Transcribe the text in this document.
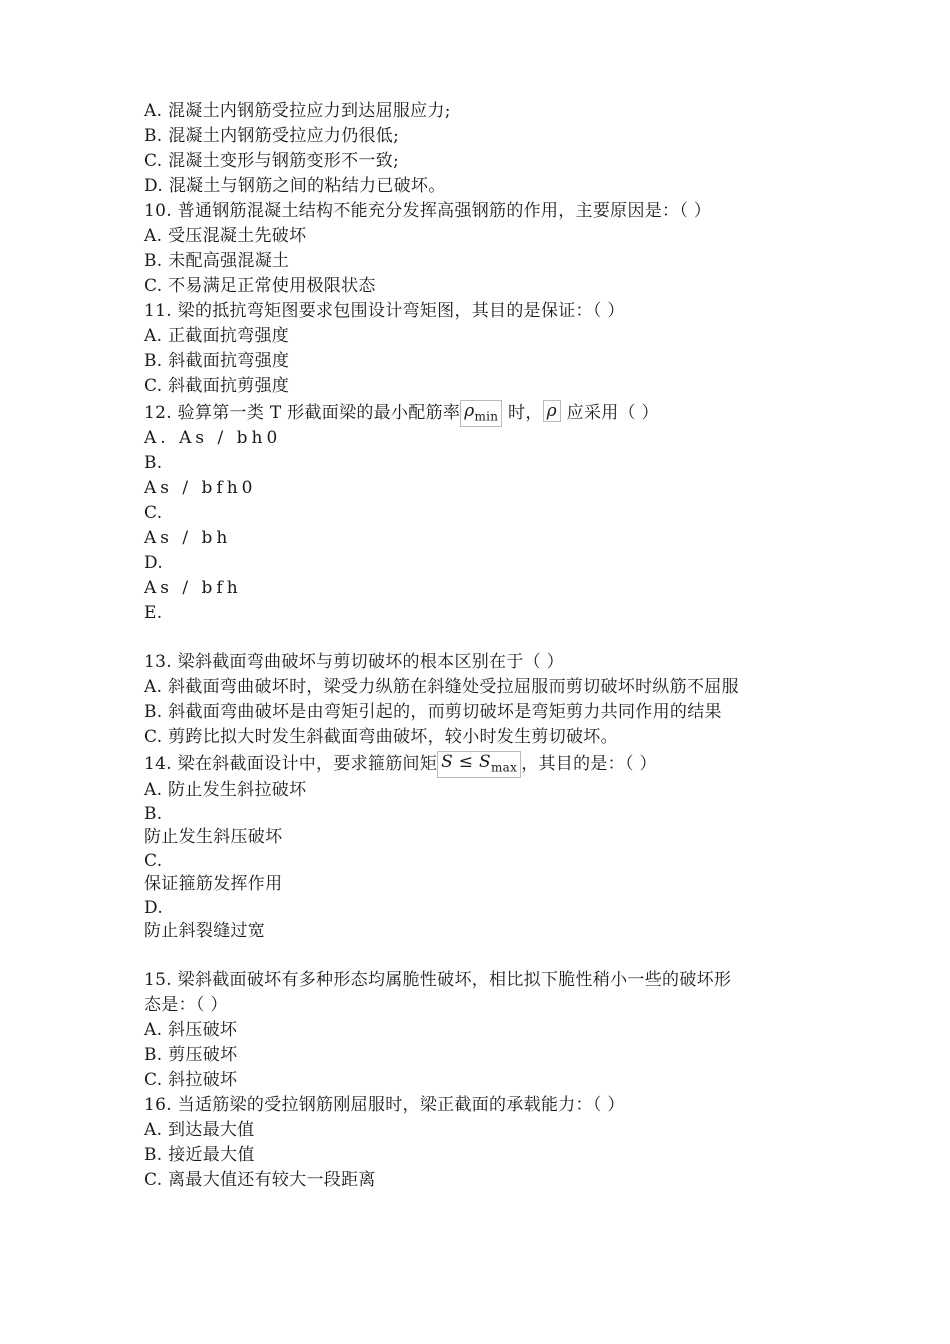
A. 混凝土内钢筋受拉应力到达屈服应力;
B. 混凝土内钢筋受拉应力仍很低;
C. 混凝土变形与钢筋变形不一致;
D. 混凝土与钢筋之间的粘结力已破坏。
10. 普通钢筋混凝土结构不能充分发挥高强钢筋的作用，主要原因是：（ ）
A. 受压混凝土先破坏
B. 未配高强混凝土
C. 不易满足正常使用极限状态
11. 梁的抵抗弯矩图要求包围设计弯矩图，其目的是保证：（ ）
A. 正截面抗弯强度
B. 斜截面抗弯强度
C. 斜截面抗剪强度
12. 验算第一类 T 形截面梁的最小配筋率 $\rho_{min}$ 时， ρ 应采用（ ）
A. As / bh0
B.
As / bfh0
C.
As / bh
D.
As / bfh
E.
13. 梁斜截面弯曲破坏与剪切破坏的根本区别在于（ ）
A. 斜截面弯曲破坏时，梁受力纵筋在斜缝处受拉屈服而剪切破坏时纵筋不屈服
B. 斜截面弯曲破坏是由弯矩引起的，而剪切破坏是弯矩剪力共同作用的结果
C. 剪跨比拟大时发生斜截面弯曲破坏，较小时发生剪切破坏。
14. 梁在斜截面设计中，要求箍筋间矩 $S \le S_{max}$ ，其目的是：（ ）
A. 防止发生斜拉破坏
B.
防止发生斜压破坏
C.
保证箍筋发挥作用
D.
防止斜裂缝过宽
15. 梁斜截面破坏有多种形态均属脆性破坏，相比拟下脆性稍小一些的破坏形
态是：（ ）
A. 斜压破坏
B. 剪压破坏
C. 斜拉破坏
16. 当适筋梁的受拉钢筋刚屈服时，梁正截面的承载能力：（ ）
A. 到达最大值
B. 接近最大值
C. 离最大值还有较大一段距离
